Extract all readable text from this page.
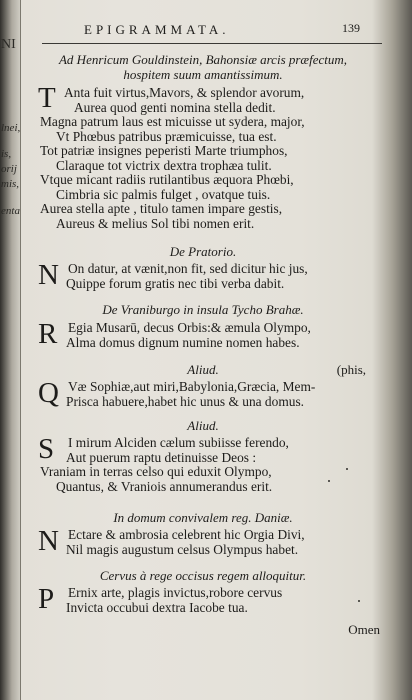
NI
lnei,
is,
orij
mis,
enta
EPIGRAMMATA.	139
Ad Henricum Gouldinstein, Bahonsiæ arcis præfectum,
hospitem suum amantissimum.
T Anta fuit virtus,Mavors, & splendor avorum,
Aurea quod genti nomina stella dedit.
Magna patrum laus est micuisse ut sydera, major,
Vt Phœbus patribus præmicuisse, tua est.
Tot patriæ insignes peperisti Marte triumphos,
Claraque tot victrix dextra trophæa tulit.
Vtque micant radiis rutilantibus æquora Phœbi,
Cimbria sic palmis fulget , ovatque tuis.
Aurea stella apte , titulo tamen impare gestis,
Aureus & melius Sol tibi nomen erit.
De Pratorio.
N On datur, at vænit,non fit, sed dicitur hic jus,
Quippe forum gratis nec tibi verba dabit.
De Vraniburgo in insula Tycho Brahæ.
R Egia Musarū, decus Orbis:& æmula Olympo,
Alma domus dignum numine nomen habes.
Aliud.	(phis,
Q Væ Sophiæ,aut miri,Babylonia,Græcia, Mem-
Prisca habuere,habet hic unus & una domus.
Aliud.
S	I mirum Alciden cælum subiisse ferendo,
Aut puerum raptu detinuisse Deos :
Vraniam in terras celso qui eduxit Olympo,
Quantus, & Vraniois annumerandus erit.
In domum convivalem reg. Daniæ.
N Ectare & ambrosia celebrent hic Orgia Divi,
Nil magis augustum celsus Olympus habet.
Cervus à rege occisus regem alloquitur.
P	Ernix arte, plagis invictus,robore cervus
Invicta occubui dextra Iacobe tua.
Omen
